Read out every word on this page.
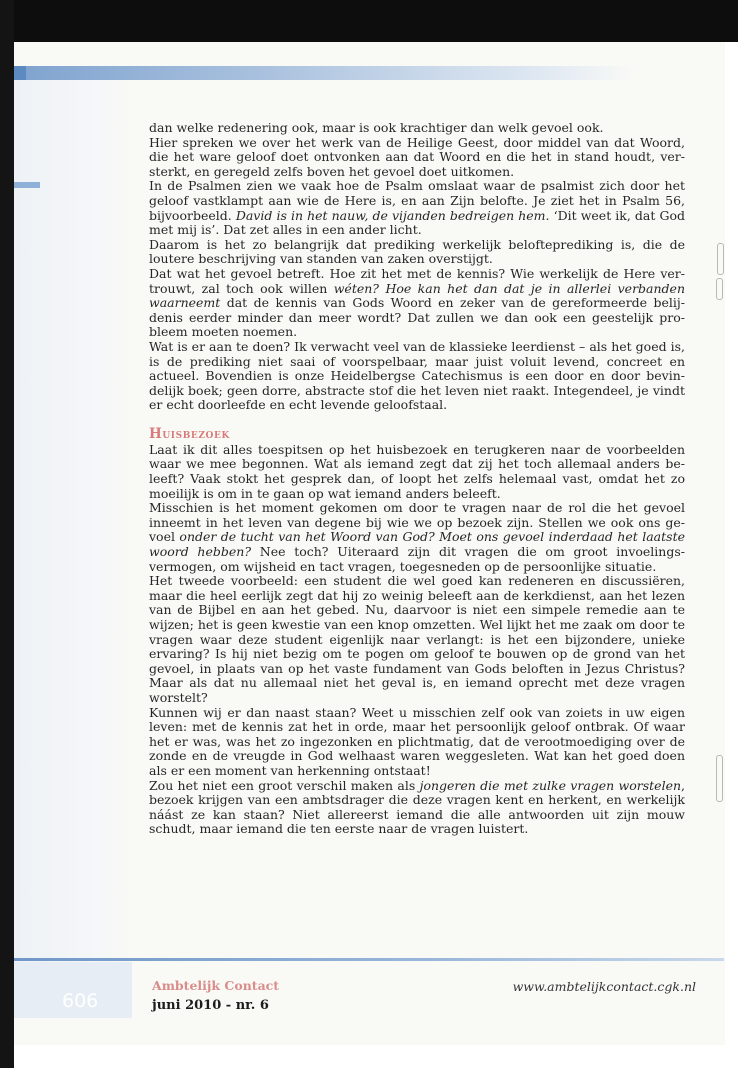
dan welke redenering ook, maar is ook krachtiger dan welk gevoel ook.

Hier spreken we over het werk van de Heilige Geest, door middel van dat Woord, die het ware geloof doet ontvonken aan dat Woord en die het in stand houdt, versterkt, en geregeld zelfs boven het gevoel doet uitkomen.

In de Psalmen zien we vaak hoe de Psalm omslaat waar de psalmist zich door het geloof vastklampt aan wie de Here is, en aan Zijn belofte. Je ziet het in Psalm 56, bijvoorbeeld. David is in het nauw, de vijanden bedreigen hem. ‘Dit weet ik, dat God met mij is’. Dat zet alles in een ander licht.

Daarom is het zo belangrijk dat prediking werkelijk belofteprediking is, die de loutere beschrijving van standen van zaken overstijgt.

Dat wat het gevoel betreft. Hoe zit het met de kennis? Wie werkelijk de Here vertrouwt, zal toch ook willen wéten? Hoe kan het dan dat je in allerlei verbanden waarneemt dat de kennis van Gods Woord en zeker van de gereformeerde belijdenis eerder minder dan meer wordt? Dat zullen we dan ook een geestelijk probleem moeten noemen.

Wat is er aan te doen? Ik verwacht veel van de klassieke leerdienst – als het goed is, is de prediking niet saai of voorspelbaar, maar juist voluit levend, concreet en actueel. Bovendien is onze Heidelbergse Catechismus is een door en door bevindelijk boek; geen dorre, abstracte stof die het leven niet raakt. Integendeel, je vindt er echt doorleefde en echt levende geloofstaal.

Huisbezoek

Laat ik dit alles toespitsen op het huisbezoek en terugkeren naar de voorbeelden waar we mee begonnen. Wat als iemand zegt dat zij het toch allemaal anders beleeft? Vaak stokt het gesprek dan, of loopt het zelfs helemaal vast, omdat het zo moeilijk is om in te gaan op wat iemand anders beleeft.

Misschien is het moment gekomen om door te vragen naar de rol die het gevoel inneemt in het leven van degene bij wie we op bezoek zijn. Stellen we ook ons gevoel onder de tucht van het Woord van God? Moet ons gevoel inderdaad het laatste woord hebben? Nee toch? Uiteraard zijn dit vragen die om groot invoelingsvermogen, om wijsheid en tact vragen, toegesneden op de persoonlijke situatie.

Het tweede voorbeeld: een student die wel goed kan redeneren en discussiëren, maar die heel eerlijk zegt dat hij zo weinig beleeft aan de kerkdienst, aan het lezen van de Bijbel en aan het gebed. Nu, daarvoor is niet een simpele remedie aan te wijzen; het is geen kwestie van een knop omzetten. Wel lijkt het me zaak om door te vragen waar deze student eigenlijk naar verlangt: is het een bijzondere, unieke ervaring? Is hij niet bezig om te pogen om geloof te bouwen op de grond van het gevoel, in plaats van op het vaste fundament van Gods beloften in Jezus Christus? Maar als dat nu allemaal niet het geval is, en iemand oprecht met deze vragen worstelt?

Kunnen wij er dan naast staan? Weet u misschien zelf ook van zoiets in uw eigen leven: met de kennis zat het in orde, maar het persoonlijk geloof ontbrak. Of waar het er was, was het zo ingezonken en plichtmatig, dat de verootmoediging over de zonde en de vreugde in God welhaast waren weggesleten. Wat kan het goed doen als er een moment van herkenning ontstaat!

Zou het niet een groot verschil maken als jongeren die met zulke vragen worstelen, bezoek krijgen van een ambtsdrager die deze vragen kent en herkent, en werkelijk náást ze kan staan? Niet allereerst iemand die alle antwoorden uit zijn mouw schudt, maar iemand die ten eerste naar de vragen luistert.

606
Ambtelijk Contact
juni 2010 - nr. 6
www.ambtelijkcontact.cgk.nl
